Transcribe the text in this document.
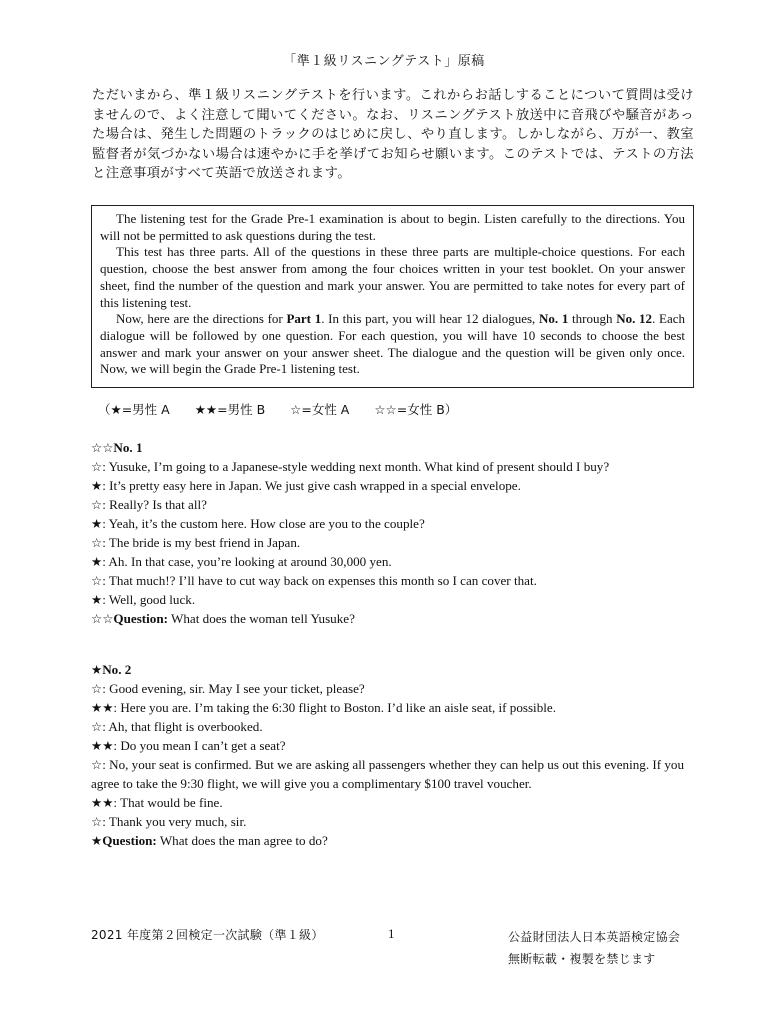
「準１級リスニングテスト」原稿
ただいまから、準１級リスニングテストを行います。これからお話しすることについて質問は受けませんので、よく注意して聞いてください。なお、リスニングテスト放送中に音飛びや騒音があった場合は、発生した問題のトラックのはじめに戻し、やり直します。しかしながら、万が一、教室監督者が気づかない場合は速やかに手を挙げてお知らせ願います。このテストでは、テストの方法と注意事項がすべて英語で放送されます。

The listening test for the Grade Pre-1 examination is about to begin. Listen carefully to the directions. You will not be permitted to ask questions during the test.

This test has three parts. All of the questions in these three parts are multiple-choice questions. For each question, choose the best answer from among the four choices written in your test booklet. On your answer sheet, find the number of the question and mark your answer. You are permitted to take notes for every part of this listening test.

Now, here are the directions for Part 1. In this part, you will hear 12 dialogues, No. 1 through No. 12. Each dialogue will be followed by one question. For each question, you will have 10 seconds to choose the best answer and mark your answer on your answer sheet. The dialogue and the question will be given only once. Now, we will begin the Grade Pre-1 listening test.

（★=男性 A　　★★=男性 B　　☆=女性 A　　☆☆=女性 B）
☆☆No. 1
☆: Yusuke, I’m going to a Japanese-style wedding next month. What kind of present should I buy?
★: It’s pretty easy here in Japan. We just give cash wrapped in a special envelope.
☆: Really? Is that all?
★: Yeah, it’s the custom here. How close are you to the couple?
☆: The bride is my best friend in Japan.
★: Ah. In that case, you’re looking at around 30,000 yen.
☆: That much!? I’ll have to cut way back on expenses this month so I can cover that.
★: Well, good luck.
☆☆Question: What does the woman tell Yusuke?
★No. 2
☆: Good evening, sir. May I see your ticket, please?
★★: Here you are. I’m taking the 6:30 flight to Boston. I’d like an aisle seat, if possible.
☆: Ah, that flight is overbooked.
★★: Do you mean I can’t get a seat?
☆: No, your seat is confirmed. But we are asking all passengers whether they can help us out this evening. If you agree to take the 9:30 flight, we will give you a complimentary $100 travel voucher.
★★: That would be fine.
☆: Thank you very much, sir.
★Question: What does the man agree to do?
2021 年度第２回検定一次試験（準１級）	1	公益財団法人日本英語検定協会
無断転載・複製を禁じます
